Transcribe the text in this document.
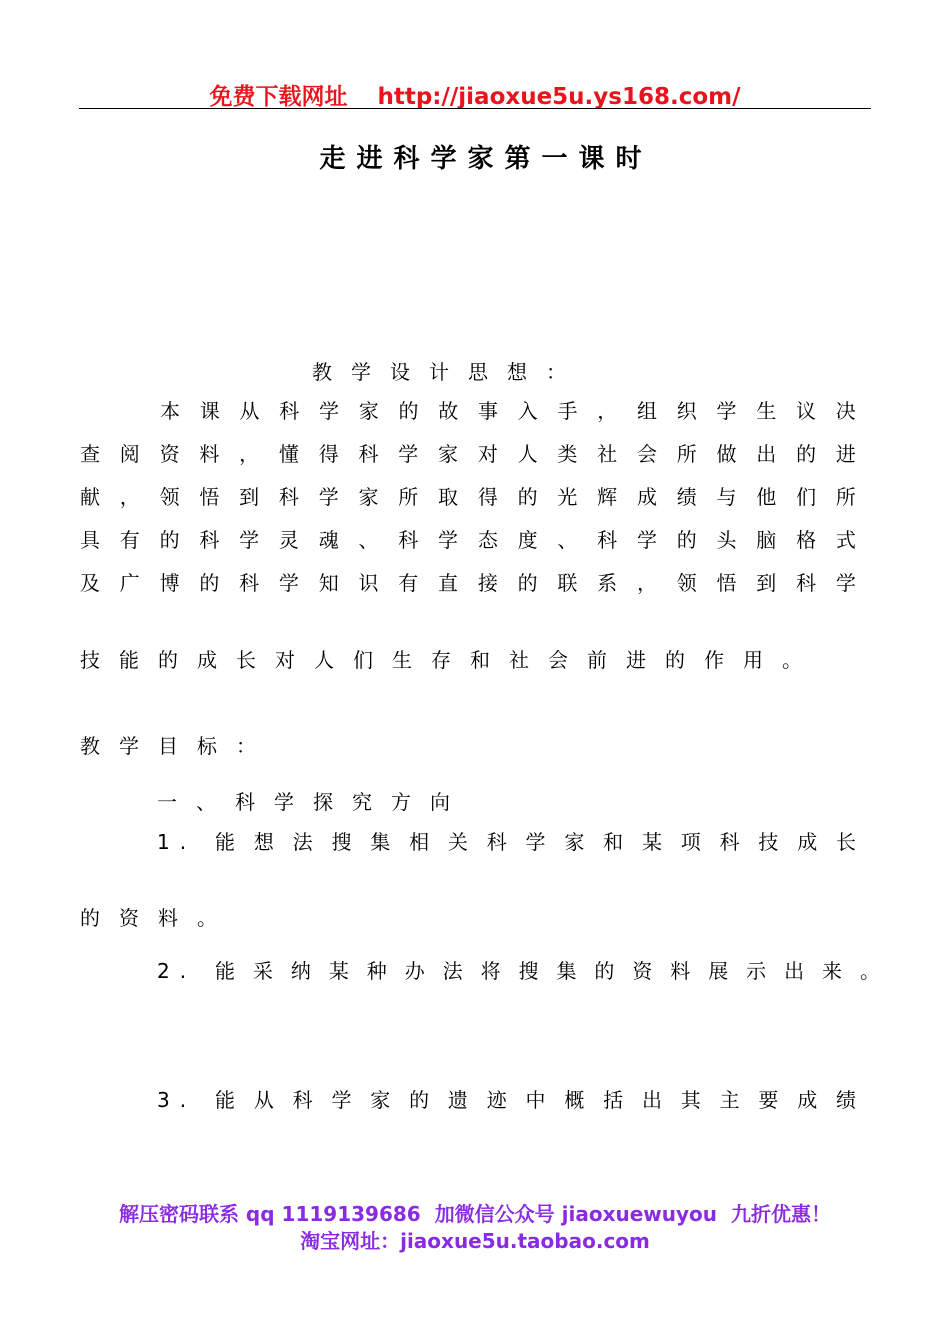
免费下载网址 http://jiaoxue5u.ys168.com/
走进科学家第一课时
教学设计思想：
本 课 从 科 学 家 的 故 事 入 手 ， 组 织 学 生 议 决
查 阅 资 料 ， 懂 得 科 学 家 对 人 类 社 会 所 做 出 的 进
献 ， 领 悟 到 科 学 家 所 取 得 的 光 辉 成 绩 与 他 们 所
具 有 的 科 学 灵 魂 、 科 学 态 度 、 科 学 的 头 脑 格 式
及 广 博 的 科 学 知 识 有 直 接 的 联 系 ， 领 悟 到 科 学
技能的成长对人们生存和社会前进的作用。
教学目标：
一、科学探究方向
1. 能 想 法 搜 集 相 关 科 学 家 和 某 项 科 技 成 长
的资料。
2. 能 采 纳 某 种 办 法 将 搜 集 的 资 料 展 示 出 来 。
3. 能 从 科 学 家 的 遗 迹 中 概 括 出 其 主 要 成 绩
解压密码联系 qq 1119139686 加微信公众号 jiaoxuewuyou 九折优惠！
淘宝网址：jiaoxue5u.taobao.com
